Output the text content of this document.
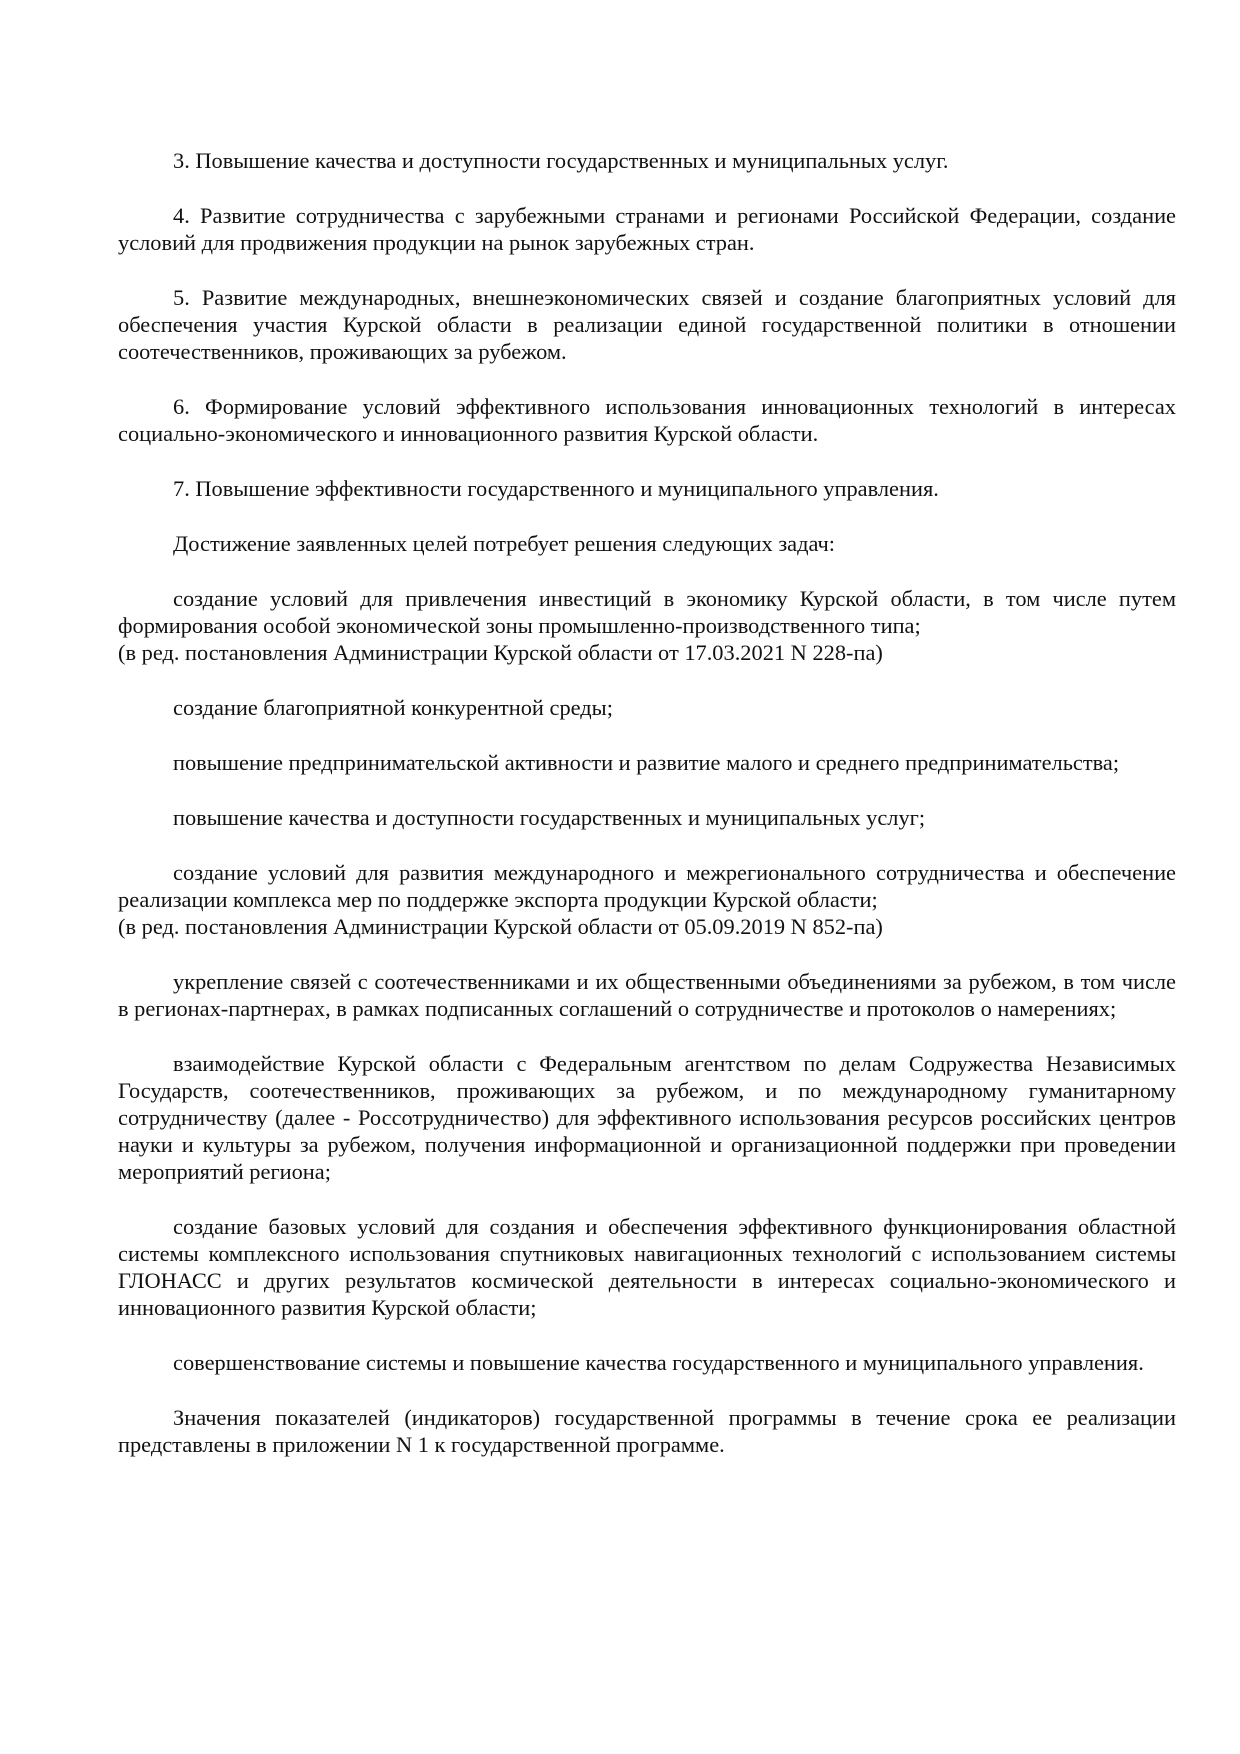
3. Повышение качества и доступности государственных и муниципальных услуг.

4. Развитие сотрудничества с зарубежными странами и регионами Российской Федерации, создание условий для продвижения продукции на рынок зарубежных стран.

5. Развитие международных, внешнеэкономических связей и создание благоприятных условий для обеспечения участия Курской области в реализации единой государственной политики в отношении соотечественников, проживающих за рубежом.

6. Формирование условий эффективного использования инновационных технологий в интересах социально-экономического и инновационного развития Курской области.

7. Повышение эффективности государственного и муниципального управления.

Достижение заявленных целей потребует решения следующих задач:

создание условий для привлечения инвестиций в экономику Курской области, в том числе путем формирования особой экономической зоны промышленно-производственного типа;

(в ред. постановления Администрации Курской области от 17.03.2021 N 228-па)

создание благоприятной конкурентной среды;

повышение предпринимательской активности и развитие малого и среднего предпринимательства;

повышение качества и доступности государственных и муниципальных услуг;

создание условий для развития международного и межрегионального сотрудничества и обеспечение реализации комплекса мер по поддержке экспорта продукции Курской области;

(в ред. постановления Администрации Курской области от 05.09.2019 N 852-па)

укрепление связей с соотечественниками и их общественными объединениями за рубежом, в том числе в регионах-партнерах, в рамках подписанных соглашений о сотрудничестве и протоколов о намерениях;

взаимодействие Курской области с Федеральным агентством по делам Содружества Независимых Государств, соотечественников, проживающих за рубежом, и по международному гуманитарному сотрудничеству (далее - Россотрудничество) для эффективного использования ресурсов российских центров науки и культуры за рубежом, получения информационной и организационной поддержки при проведении мероприятий региона;

создание базовых условий для создания и обеспечения эффективного функционирования областной системы комплексного использования спутниковых навигационных технологий с использованием системы ГЛОНАСС и других результатов космической деятельности в интересах социально-экономического и инновационного развития Курской области;

совершенствование системы и повышение качества государственного и муниципального управления.

Значения показателей (индикаторов) государственной программы в течение срока ее реализации представлены в приложении N 1 к государственной программе.
